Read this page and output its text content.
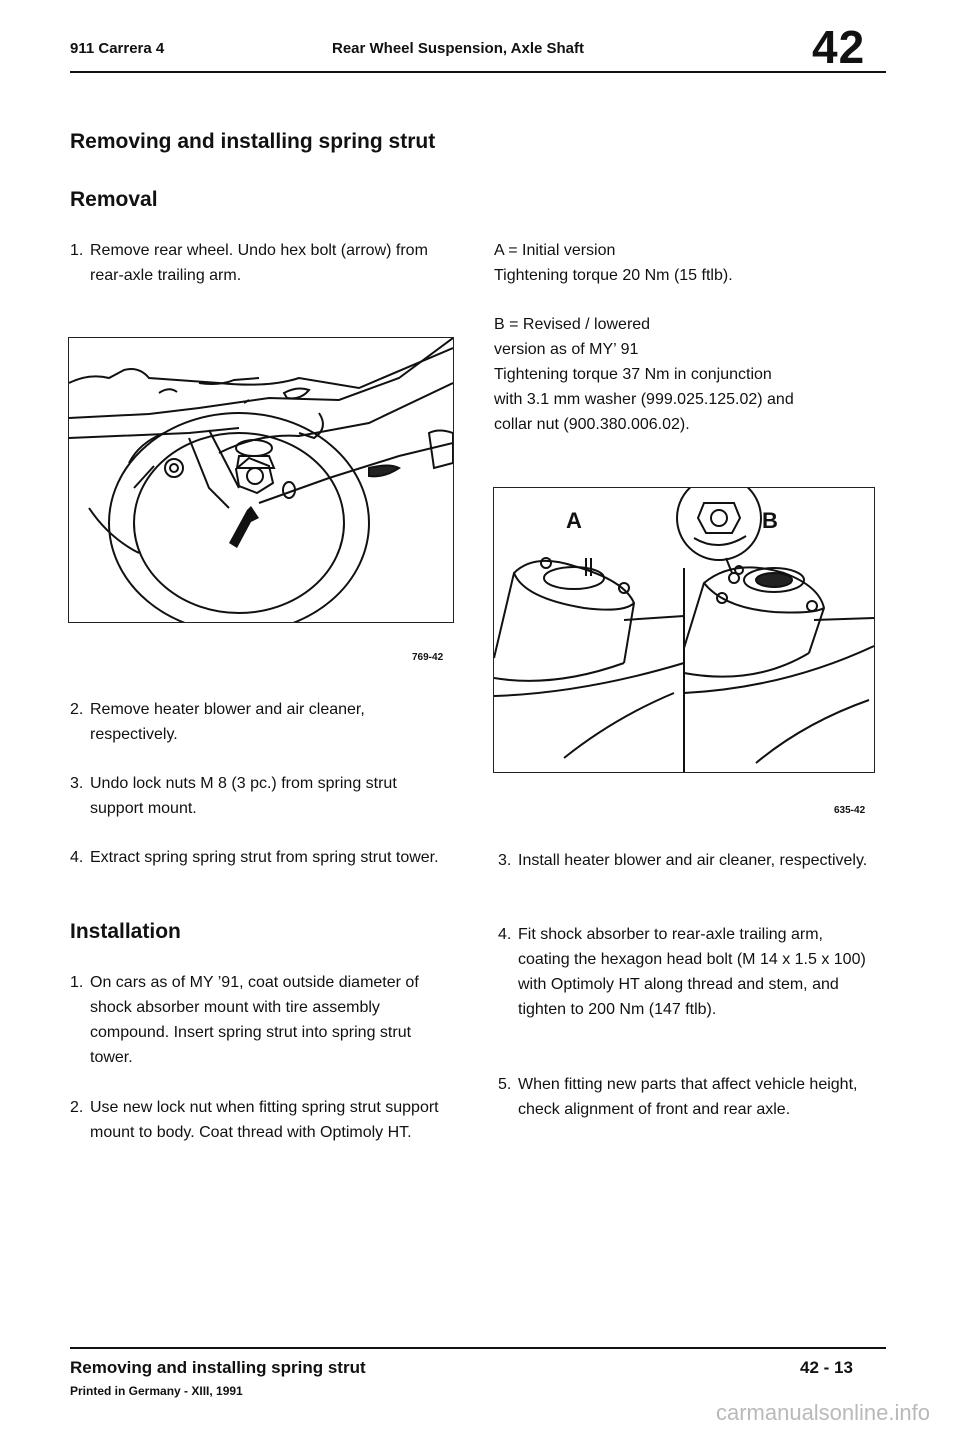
911 Carrera 4	Rear Wheel Suspension, Axle Shaft	42
Removing and installing spring strut
Removal
1. Remove rear wheel. Undo hex bolt (arrow) from rear-axle trailing arm.
769-42
2. Remove heater blower and air cleaner, respectively.
3. Undo lock nuts M 8 (3 pc.) from spring strut support mount.
4. Extract spring spring strut from spring strut tower.
Installation
1. On cars as of MY ’91, coat outside diameter of shock absorber mount with tire assembly compound. Insert spring strut into spring strut tower.
2. Use new lock nut when fitting spring strut support mount to body. Coat thread with Optimoly HT.
A = Initial version
Tightening torque 20 Nm (15 ftlb).
B = Revised / lowered
version as of MY’ 91
Tightening torque 37 Nm in conjunction
with 3.1 mm washer (999.025.125.02) and
collar nut (900.380.006.02).
A	B
635-42
3. Install heater blower and air cleaner, respectively.
4. Fit shock absorber to rear-axle trailing arm, coating the hexagon head bolt (M 14 x 1.5 x 100) with Optimoly HT along thread and stem, and tighten to 200 Nm (147 ftlb).
5. When fitting new parts that affect vehicle height, check alignment of front and rear axle.
Removing and installing spring strut	42 - 13
Printed in Germany - XIII, 1991
carmanualsonline.info
